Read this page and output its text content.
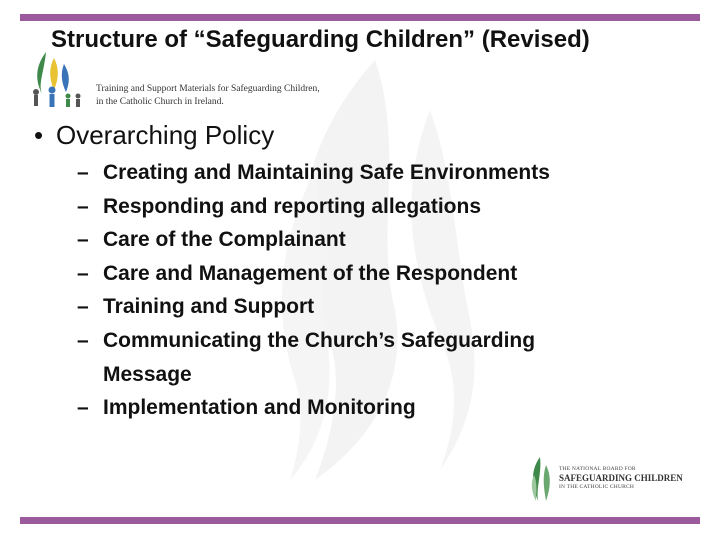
Structure of “Safeguarding Children” (Revised)
Training and Support Materials for Safeguarding Children,
in the Catholic Church in Ireland.
• Overarching Policy
– Creating and Maintaining Safe Environments
– Responding and reporting allegations
– Care of the Complainant
– Care and Management of the Respondent
– Training and Support
– Communicating the Church’s Safeguarding
Message
– Implementation and Monitoring
THE NATIONAL BOARD FOR
SAFEGUARDING CHILDREN
IN THE CATHOLIC CHURCH
